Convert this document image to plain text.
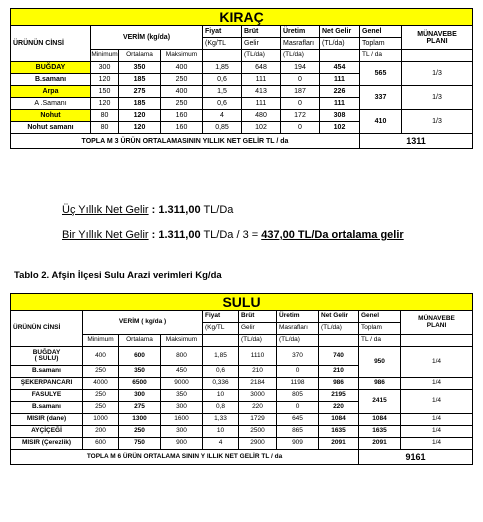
KIRAÇ									
ÜRÜNÜN CİNSİ	VERİM (kg/da)			Fiyat	Brüt	Üretim	Net Gelir	Genel	MÜNAVEBE
PLANI
				(Kg/TL	Gelir	Masrafları	(TL/da)	Toplam	
	Minimum	Ortalama	Maksimum		(TL/da)	(TL/da)		TL / da	
BUĞDAY	300	350	400	1,85	648	194	454	565	1/3
B.samanı	120	185	250	0,6	111	0	111		
Arpa	150	275	400	1,5	413	187	226	337	1/3
A .Samanı	120	185	250	0,6	111	0	111		
Nohut	80	120	160	4	480	172	308	410	1/3
Nohut samanı	80	120	160	0,85	102	0	102		
TOPLA M 3 ÜRÜN ORTALAMASININ YILLIK NET GELİR TL / da								1311	
Üç Yıllık Net Gelir : 1.311,00 TL/Da
Bir Yıllık Net Gelir : 1.311,00 TL/Da / 3 = 437,00 TL/Da ortalama gelir
Tablo 2. Afşin İlçesi Sulu Arazi verimleri Kg/da
SULU									
ÜRÜNÜN CİNSİ	VERİM ( kg/da )			Fiyat	Brüt	Üretim	Net Gelir	Genel	MÜNAVEBE
PLANI
				(Kg/TL	Gelir	Masrafları	(TL/da)	Toplam	
	Minimum	Ortalama	Maksimum		(TL/da)	(TL/da)		TL / da	
BUĞDAY
( SULU)	400	600	800	1,85	1110	370	740	950	1/4
B.samanı	250	350	450	0,6	210	0	210		
ŞEKERPANCARI	4000	6500	9000	0,336	2184	1198	986	986	1/4
FASULYE	250	300	350	10	3000	805	2195	2415	1/4
B.samanı	250	275	300	0,8	220	0	220		
MISIR (dane)	1000	1300	1600	1,33	1729	645	1084	1084	1/4
AYÇİÇEĞİ	200	250	300	10	2500	865	1635	1635	1/4
MISIR (Çerezlik)	600	750	900	4	2900	909	2091	2091	1/4
TOPLA M 6 ÜRÜN ORTALAMA SININ Y ILLIK NET GELİR TL / da								9161	
